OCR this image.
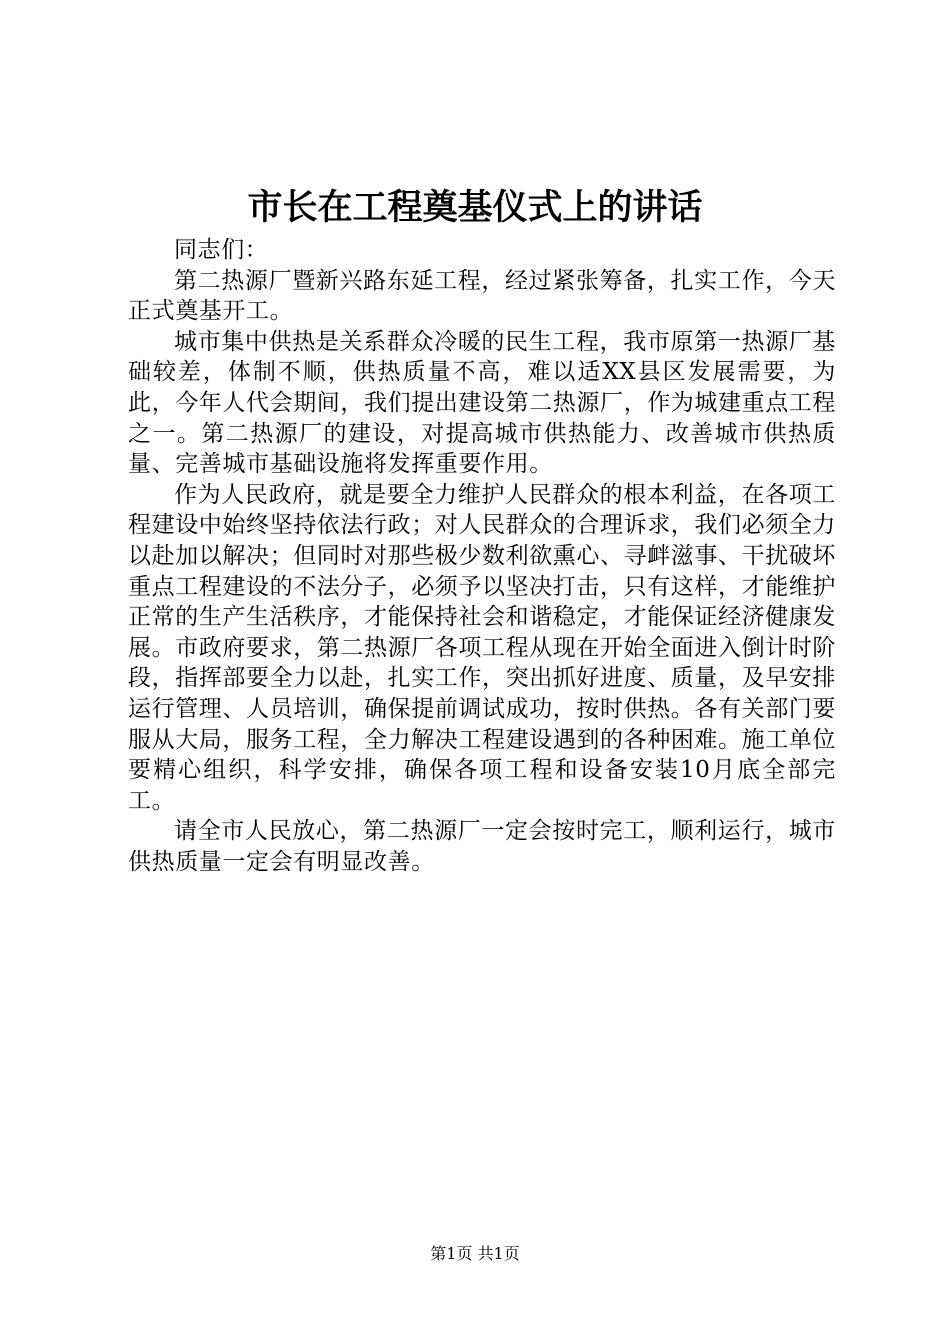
市长在工程奠基仪式上的讲话

同志们：

第二热源厂暨新兴路东延工程，经过紧张筹备，扎实工作，今天正式奠基开工。

城市集中供热是关系群众冷暖的民生工程，我市原第一热源厂基础较差，体制不顺，供热质量不高，难以适XX县区发展需要，为此，今年人代会期间，我们提出建设第二热源厂，作为城建重点工程之一。第二热源厂的建设，对提高城市供热能力、改善城市供热质量、完善城市基础设施将发挥重要作用。

作为人民政府，就是要全力维护人民群众的根本利益，在各项工程建设中始终坚持依法行政；对人民群众的合理诉求，我们必须全力以赴加以解决；但同时对那些极少数利欲熏心、寻衅滋事、干扰破坏重点工程建设的不法分子，必须予以坚决打击，只有这样，才能维护正常的生产生活秩序，才能保持社会和谐稳定，才能保证经济健康发展。市政府要求，第二热源厂各项工程从现在开始全面进入倒计时阶段，指挥部要全力以赴，扎实工作，突出抓好进度、质量，及早安排运行管理、人员培训，确保提前调试成功，按时供热。各有关部门要服从大局，服务工程，全力解决工程建设遇到的各种困难。施工单位要精心组织，科学安排，确保各项工程和设备安装10月底全部完工。

请全市人民放心，第二热源厂一定会按时完工，顺利运行，城市供热质量一定会有明显改善。

第1页 共1页
